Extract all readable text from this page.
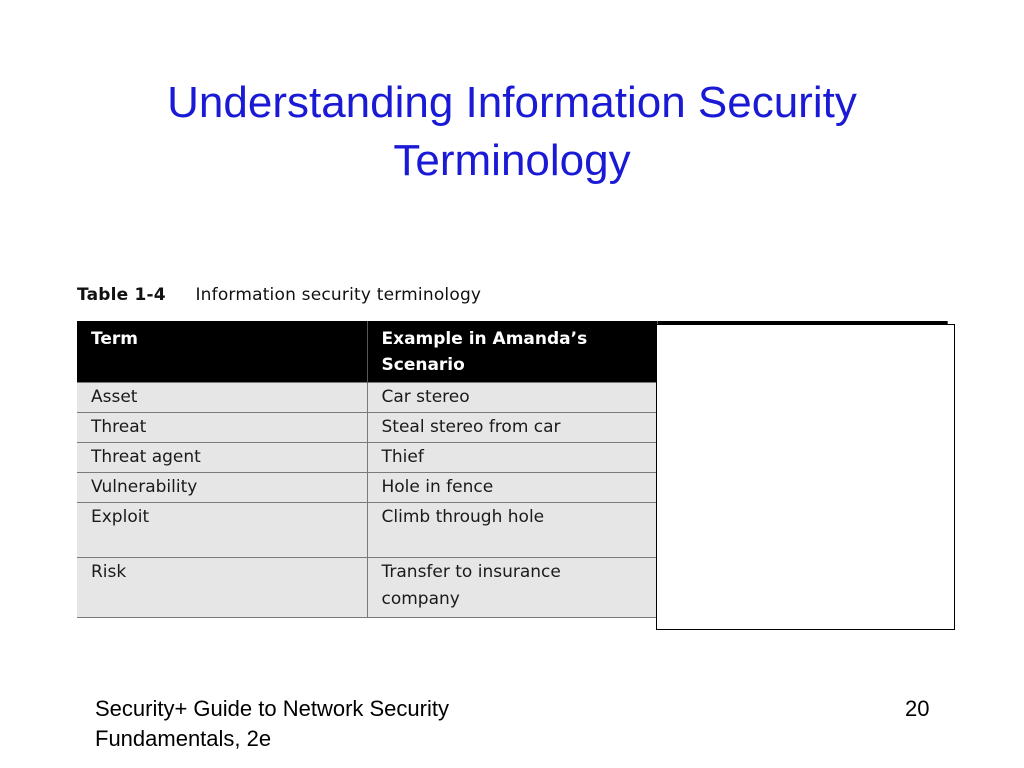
Understanding Information Security
Terminology
Table 1-4 Information security terminology
Term	Example in Amanda’s Scenario	
Asset	Car stereo	
Threat	Steal stereo from car	
Threat agent	Thief	
Vulnerability	Hole in fence	
Exploit	Climb through hole	
Risk	Transfer to insurance company	
Security+ Guide to Network Security
Fundamentals, 2e
20
